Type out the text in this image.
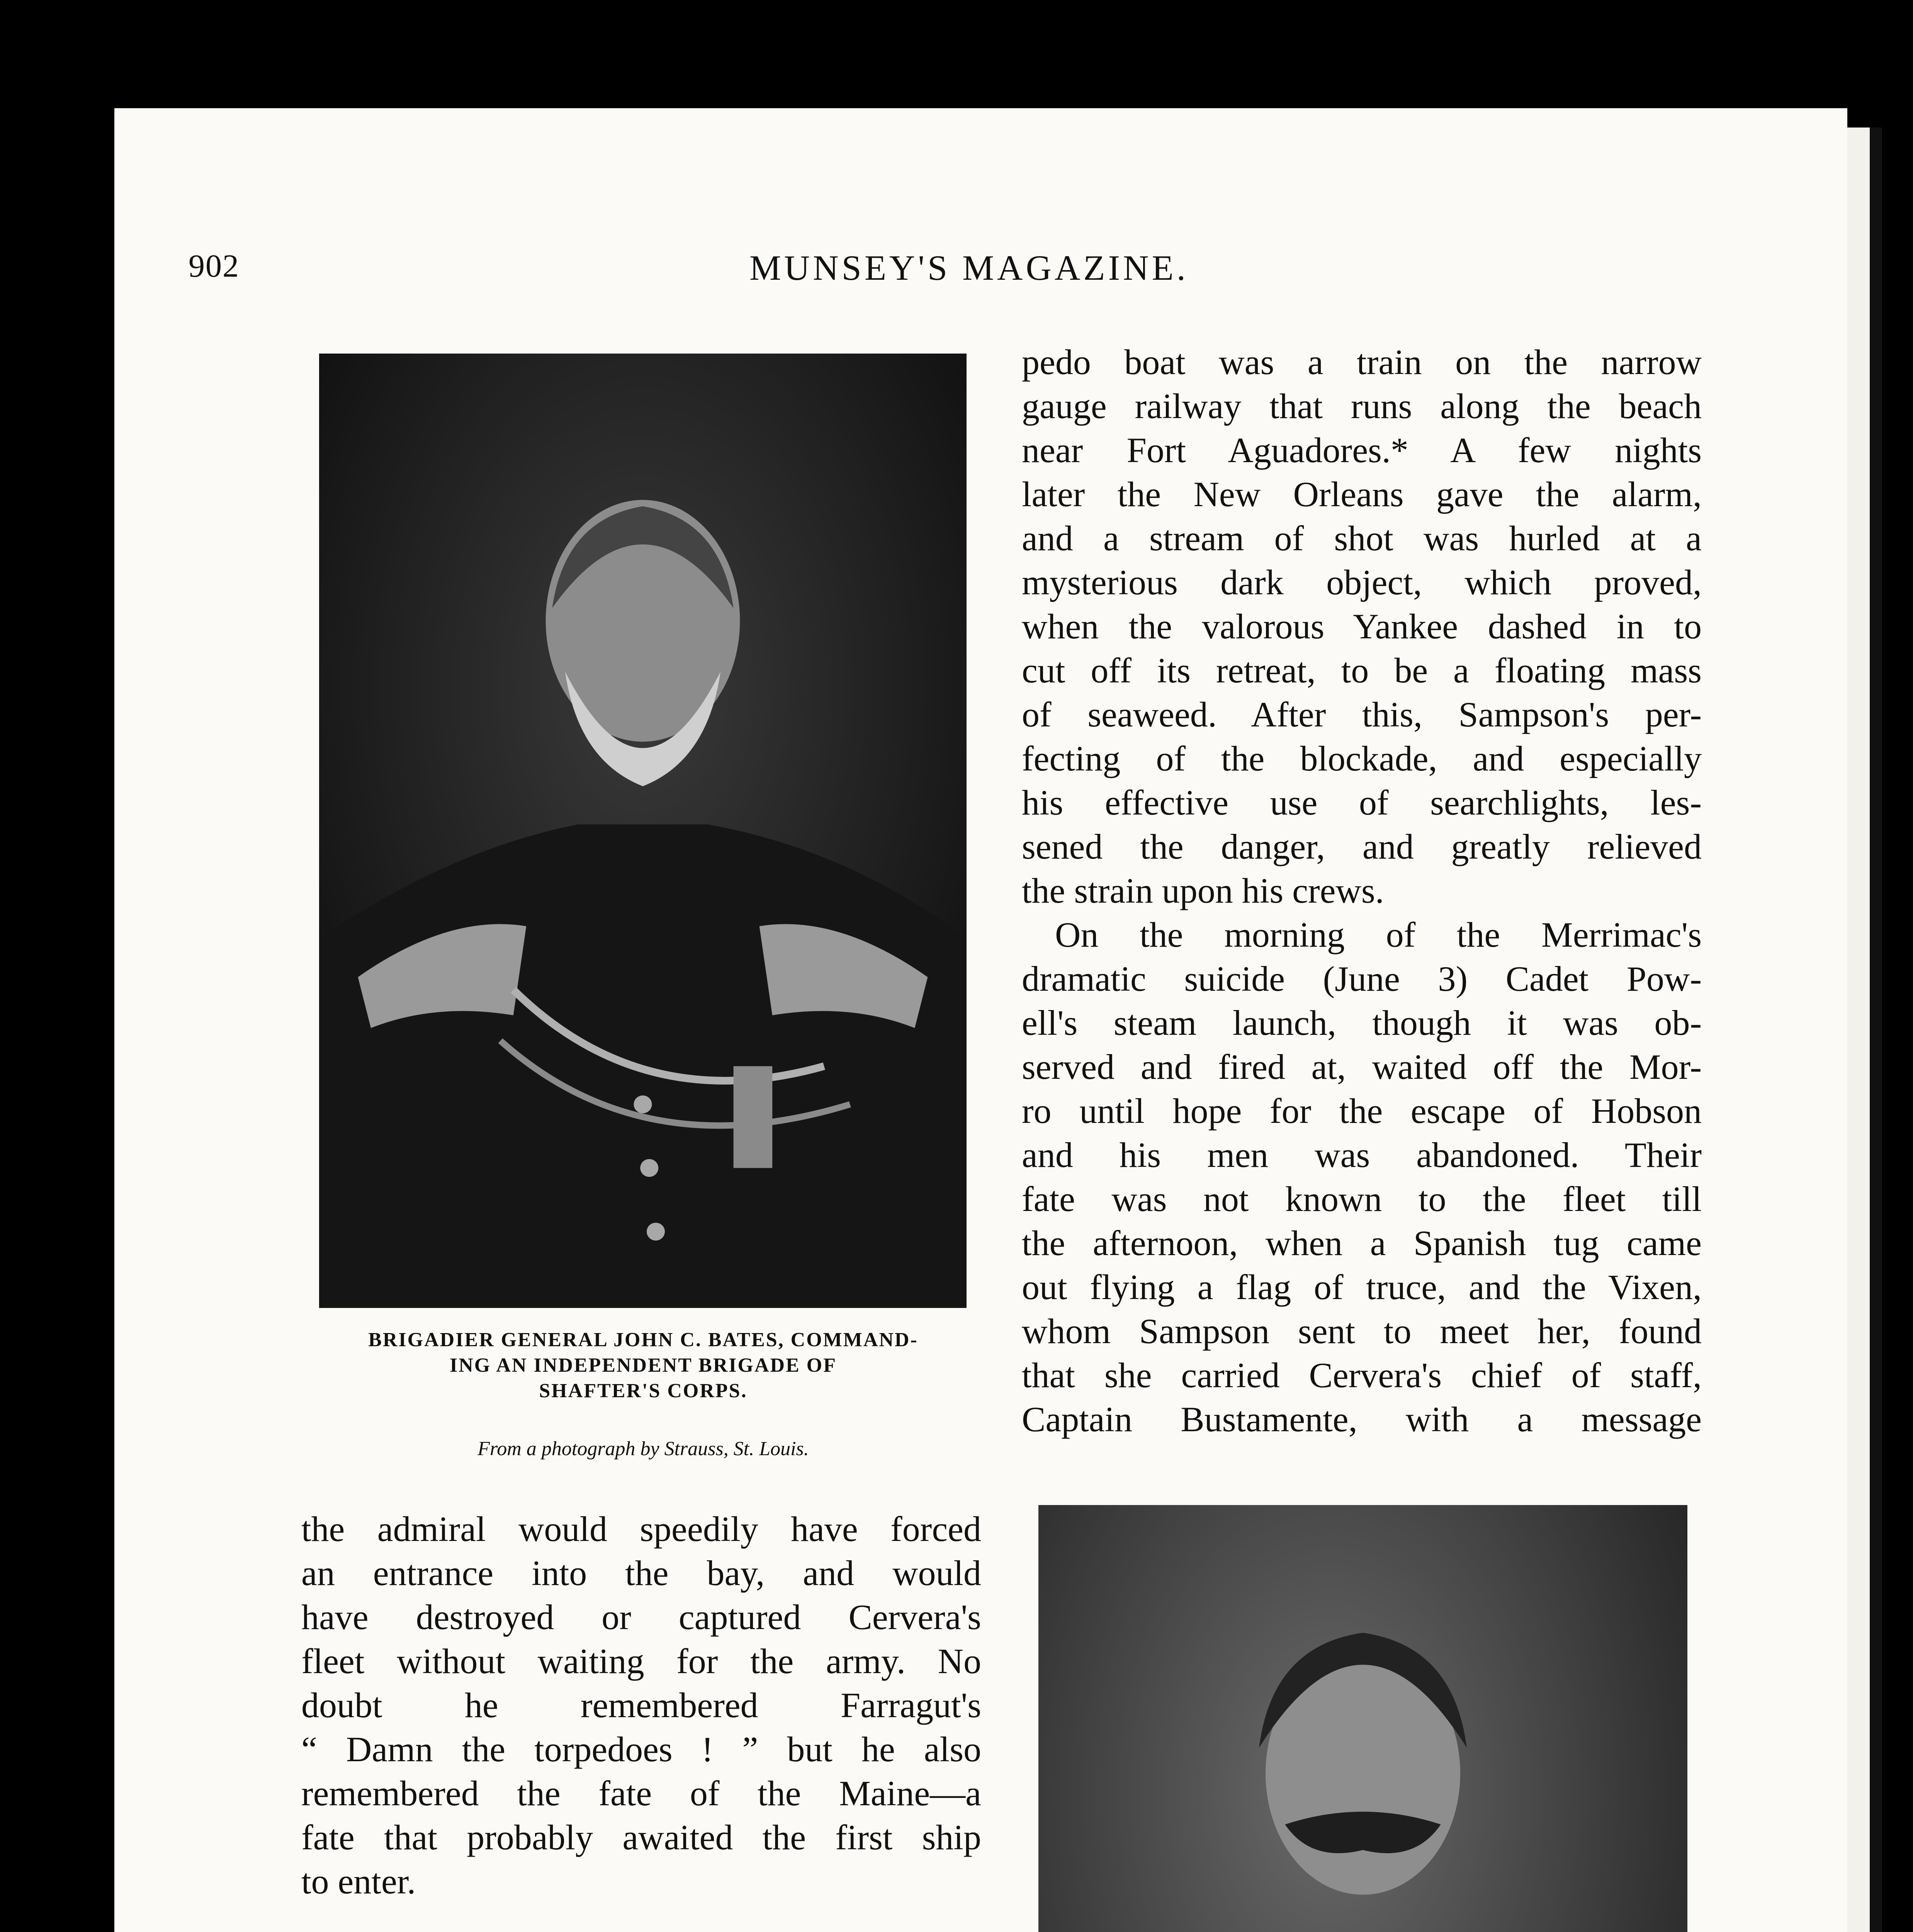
902	MUNSEY'S MAGAZINE.
BRIGADIER GENERAL JOHN C. BATES, COMMAND-
ING AN INDEPENDENT BRIGADE OF
SHAFTER'S CORPS.
From a photograph by Strauss, St. Louis.
pedo boat was a train on the narrow
gauge railway that runs along the beach
near Fort Aguadores.* A few nights
later the New Orleans gave the alarm,
and a stream of shot was hurled at a
mysterious dark object, which proved,
when the valorous Yankee dashed in to
cut off its retreat, to be a floating mass
of seaweed. After this, Sampson's per-
fecting of the blockade, and especially
his effective use of searchlights, les-
sened the danger, and greatly relieved
the strain upon his crews.
On the morning of the Merrimac's
dramatic suicide (June 3) Cadet Pow-
ell's steam launch, though it was ob-
served and fired at, waited off the Mor-
ro until hope for the escape of Hobson
and his men was abandoned. Their
fate was not known to the fleet till
the afternoon, when a Spanish tug came
out flying a flag of truce, and the Vixen,
whom Sampson sent to meet her, found
that she carried Cervera's chief of staff,
Captain Bustamente, with a message
the admiral would speedily have forced
an entrance into the bay, and would
have destroyed or captured Cervera's
fleet without waiting for the army. No
doubt he remembered Farragut's
“ Damn the torpedoes ! ” but he also
remembered the fate of the Maine—a
fate that probably awaited the first ship
to enter.
